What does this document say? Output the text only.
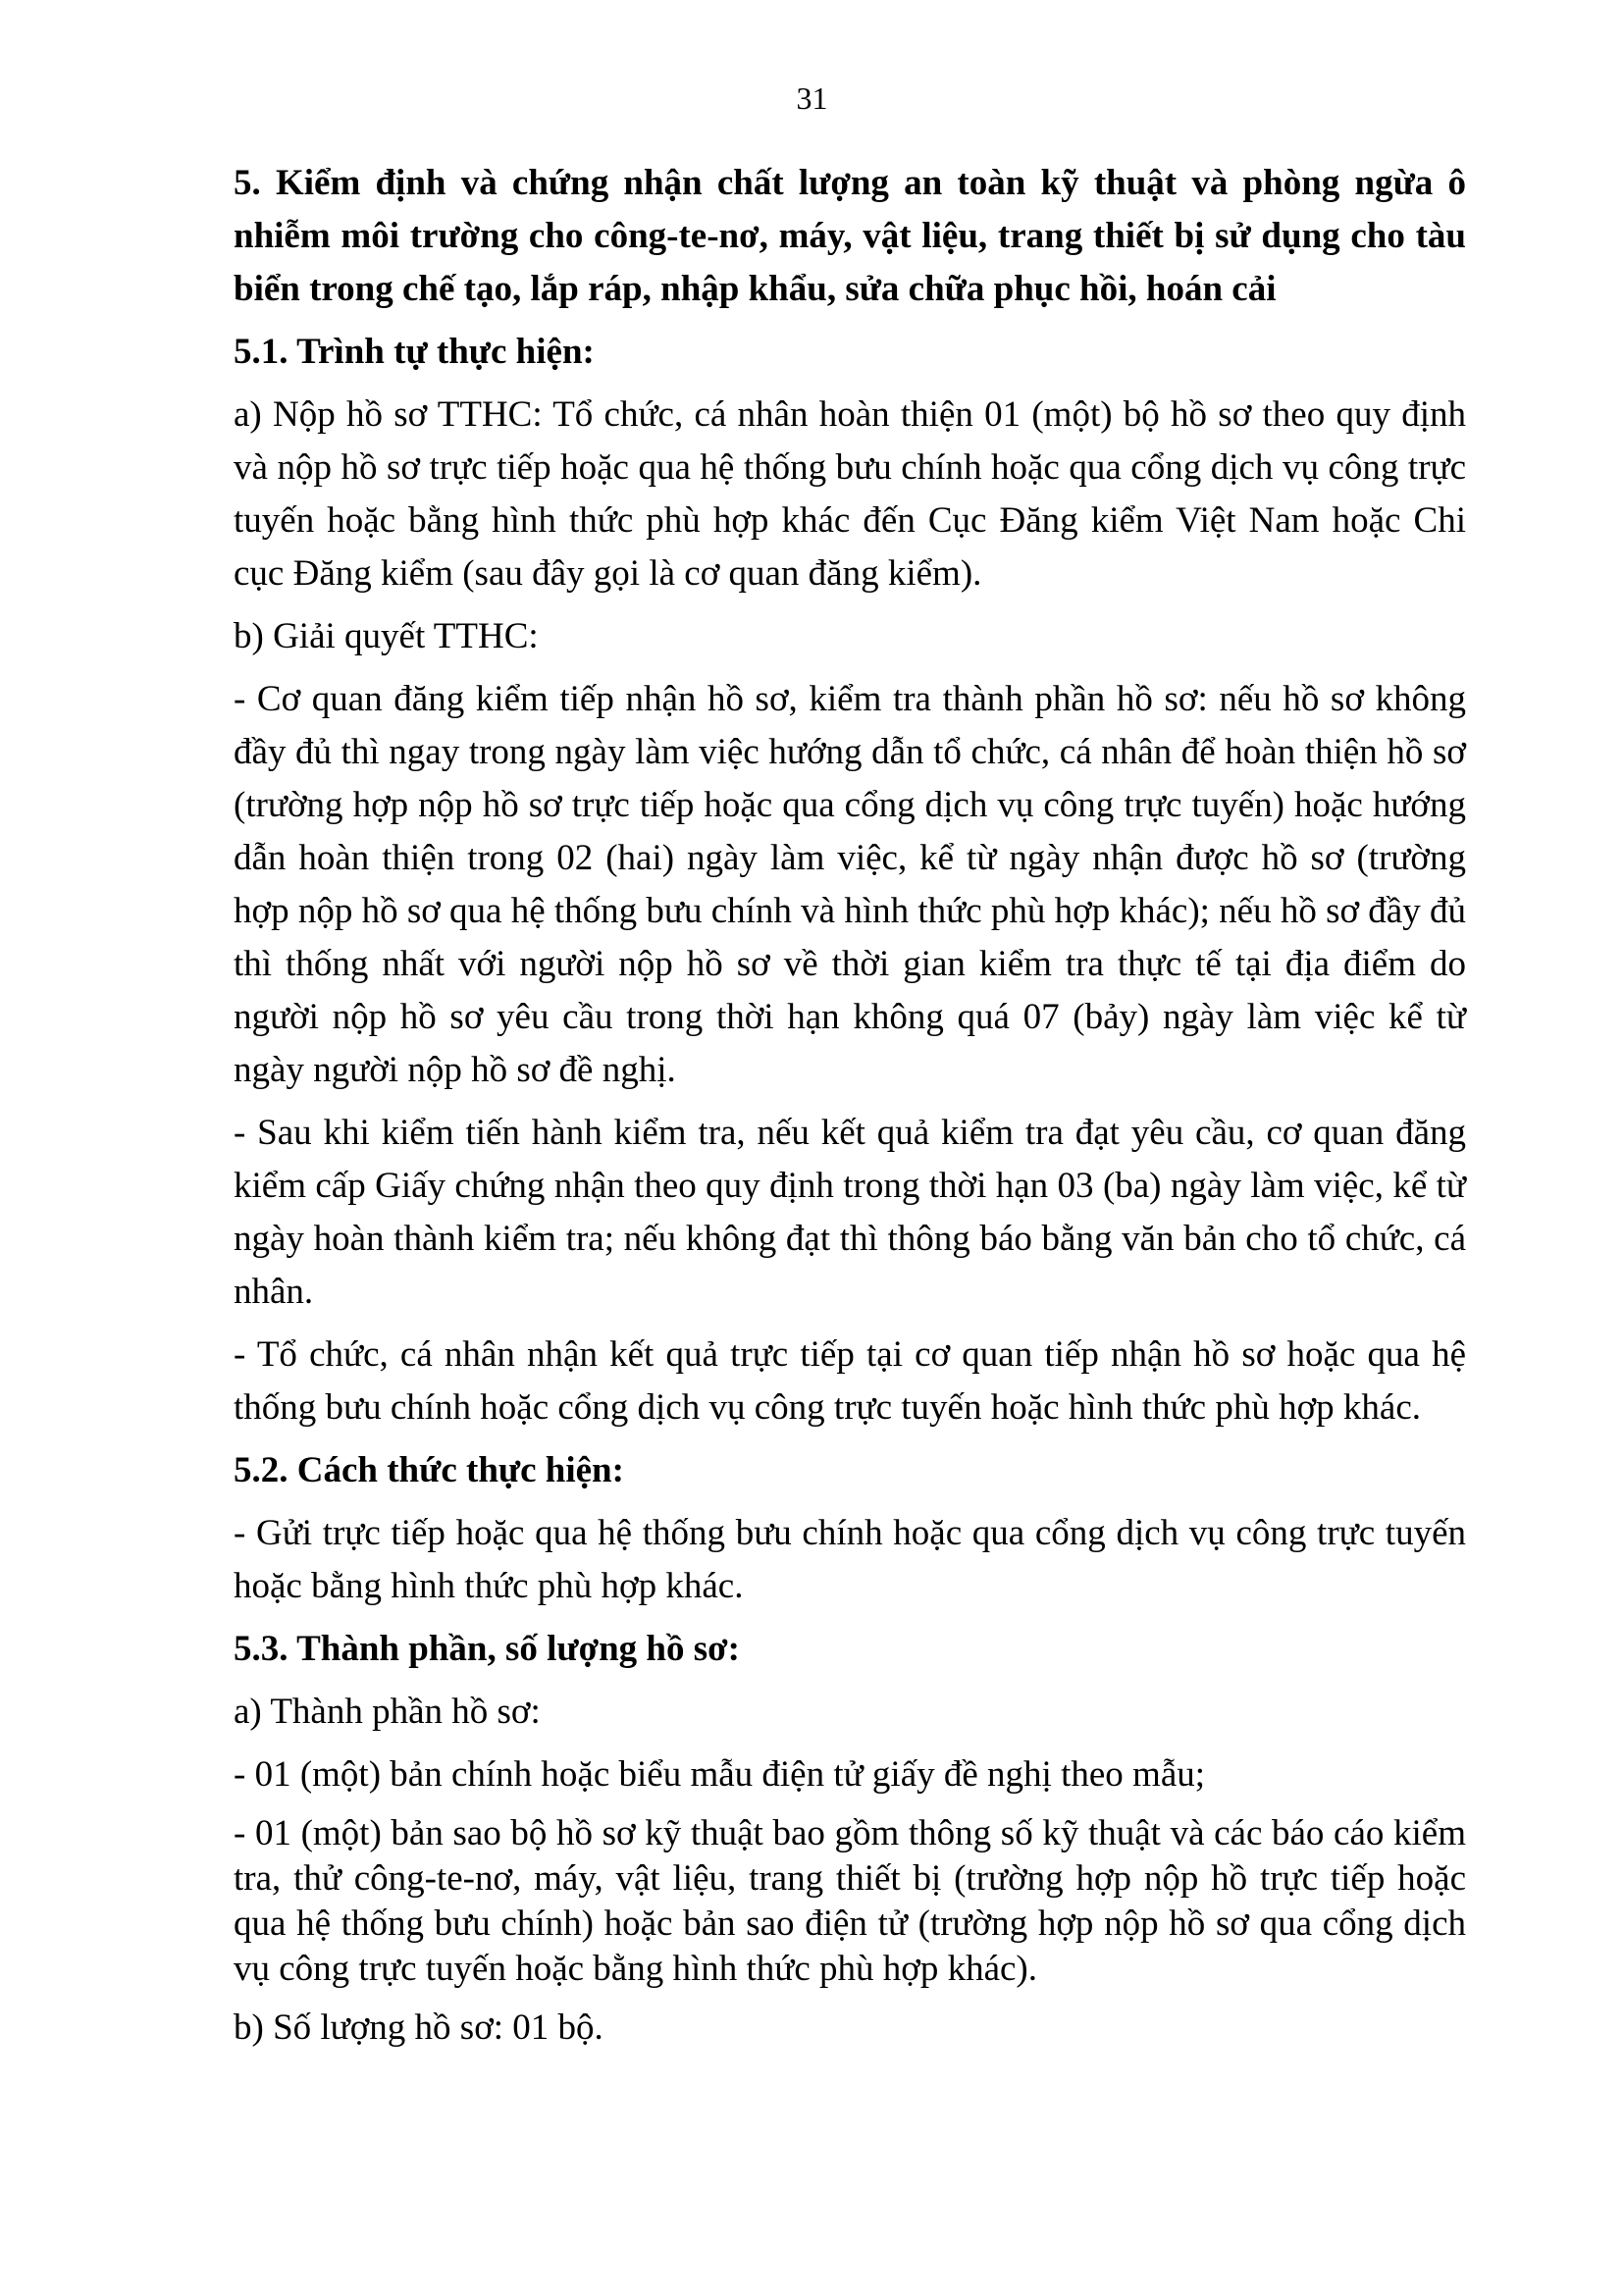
31
5. Kiểm định và chứng nhận chất lượng an toàn kỹ thuật và phòng ngừa ô nhiễm môi trường cho công-te-nơ, máy, vật liệu, trang thiết bị sử dụng cho tàu biển trong chế tạo, lắp ráp, nhập khẩu, sửa chữa phục hồi, hoán cải
5.1. Trình tự thực hiện:

a) Nộp hồ sơ TTHC: Tổ chức, cá nhân hoàn thiện 01 (một) bộ hồ sơ theo quy định và nộp hồ sơ trực tiếp hoặc qua hệ thống bưu chính hoặc qua cổng dịch vụ công trực tuyến hoặc bằng hình thức phù hợp khác đến Cục Đăng kiểm Việt Nam hoặc Chi cục Đăng kiểm (sau đây gọi là cơ quan đăng kiểm).

b) Giải quyết TTHC:

- Cơ quan đăng kiểm tiếp nhận hồ sơ, kiểm tra thành phần hồ sơ: nếu hồ sơ không đầy đủ thì ngay trong ngày làm việc hướng dẫn tổ chức, cá nhân để hoàn thiện hồ sơ (trường hợp nộp hồ sơ trực tiếp hoặc qua cổng dịch vụ công trực tuyến) hoặc hướng dẫn hoàn thiện trong 02 (hai) ngày làm việc, kể từ ngày nhận được hồ sơ (trường hợp nộp hồ sơ qua hệ thống bưu chính và hình thức phù hợp khác); nếu hồ sơ đầy đủ thì thống nhất với người nộp hồ sơ về thời gian kiểm tra thực tế tại địa điểm do người nộp hồ sơ yêu cầu trong thời hạn không quá 07 (bảy) ngày làm việc kể từ ngày người nộp hồ sơ đề nghị.

- Sau khi kiểm tiến hành kiểm tra, nếu kết quả kiểm tra đạt yêu cầu, cơ quan đăng kiểm cấp Giấy chứng nhận theo quy định trong thời hạn 03 (ba) ngày làm việc, kể từ ngày hoàn thành kiểm tra; nếu không đạt thì thông báo bằng văn bản cho tổ chức, cá nhân.

- Tổ chức, cá nhân nhận kết quả trực tiếp tại cơ quan tiếp nhận hồ sơ hoặc qua hệ thống bưu chính hoặc cổng dịch vụ công trực tuyến hoặc hình thức phù hợp khác.

5.2. Cách thức thực hiện:

- Gửi trực tiếp hoặc qua hệ thống bưu chính hoặc qua cổng dịch vụ công trực tuyến hoặc bằng hình thức phù hợp khác.

5.3. Thành phần, số lượng hồ sơ:

a) Thành phần hồ sơ:

- 01 (một) bản chính hoặc biểu mẫu điện tử giấy đề nghị theo mẫu;

- 01 (một) bản sao bộ hồ sơ kỹ thuật bao gồm thông số kỹ thuật và các báo cáo kiểm tra, thử công-te-nơ, máy, vật liệu, trang thiết bị (trường hợp nộp hồ trực tiếp hoặc qua hệ thống bưu chính) hoặc bản sao điện tử (trường hợp nộp hồ sơ qua cổng dịch vụ công trực tuyến hoặc bằng hình thức phù hợp khác).

b) Số lượng hồ sơ: 01 bộ.
